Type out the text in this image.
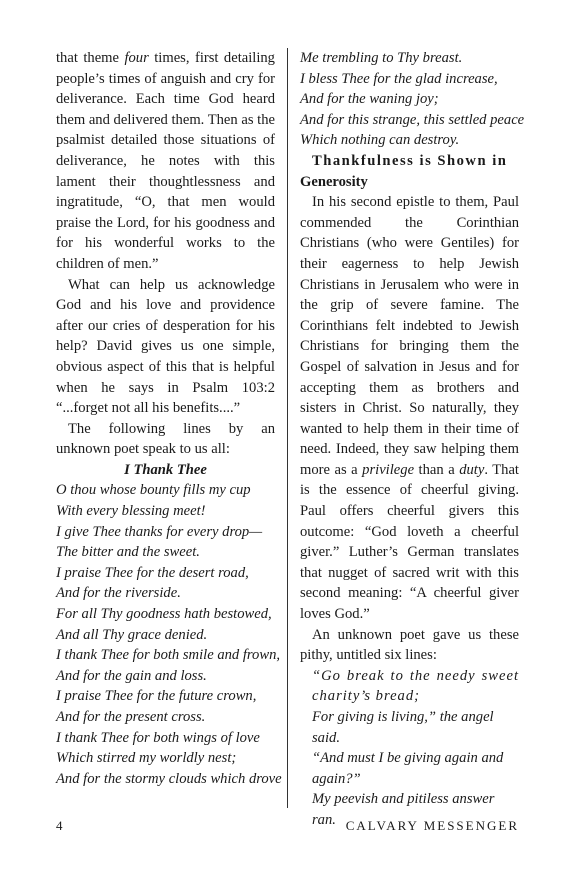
that theme four times, first detailing people’s times of anguish and cry for deliverance. Each time God heard them and delivered them. Then as the psalmist detailed those situations of deliverance, he notes with this lament their thoughtlessness and ingratitude, “O, that men would praise the Lord, for his goodness and for his wonderful works to the children of men.”

What can help us acknowledge God and his love and providence after our cries of desperation for his help? David gives us one simple, obvious aspect of this that is helpful when he says in Psalm 103:2 “...forget not all his benefits....”

The following lines by an unknown poet speak to us all:

I Thank Thee

O thou whose bounty fills my cup
With every blessing meet!
I give Thee thanks for every drop—
The bitter and the sweet.
I praise Thee for the desert road,
And for the riverside.
For all Thy goodness hath bestowed,
And all Thy grace denied.
I thank Thee for both smile and frown,
And for the gain and loss.
I praise Thee for the future crown,
And for the present cross.
I thank Thee for both wings of love
Which stirred my worldly nest;
And for the stormy clouds which drove
Me trembling to Thy breast.
I bless Thee for the glad increase,
And for the waning joy;
And for this strange, this settled peace
Which nothing can destroy.

Thankfulness is Shown in
Generosity

In his second epistle to them, Paul commended the Corinthian Christians (who were Gentiles) for their eagerness to help Jewish Christians in Jerusalem who were in the grip of severe famine. The Corinthians felt indebted to Jewish Christians for bringing them the Gospel of salvation in Jesus and for accepting them as brothers and sisters in Christ. So naturally, they wanted to help them in their time of need. Indeed, they saw helping them more as a privilege than a duty. That is the essence of cheerful giving. Paul offers cheerful givers this outcome: “God loveth a cheerful giver.” Luther’s German translates that nugget of sacred writ with this second meaning: “A cheerful giver loves God.”

An unknown poet gave us these pithy, untitled six lines:

“Go break to the needy sweet charity’s bread;
For giving is living,” the angel said.
“And must I be giving again and again?”
My peevish and pitiless answer ran.
4	CALVARY MESSENGER
